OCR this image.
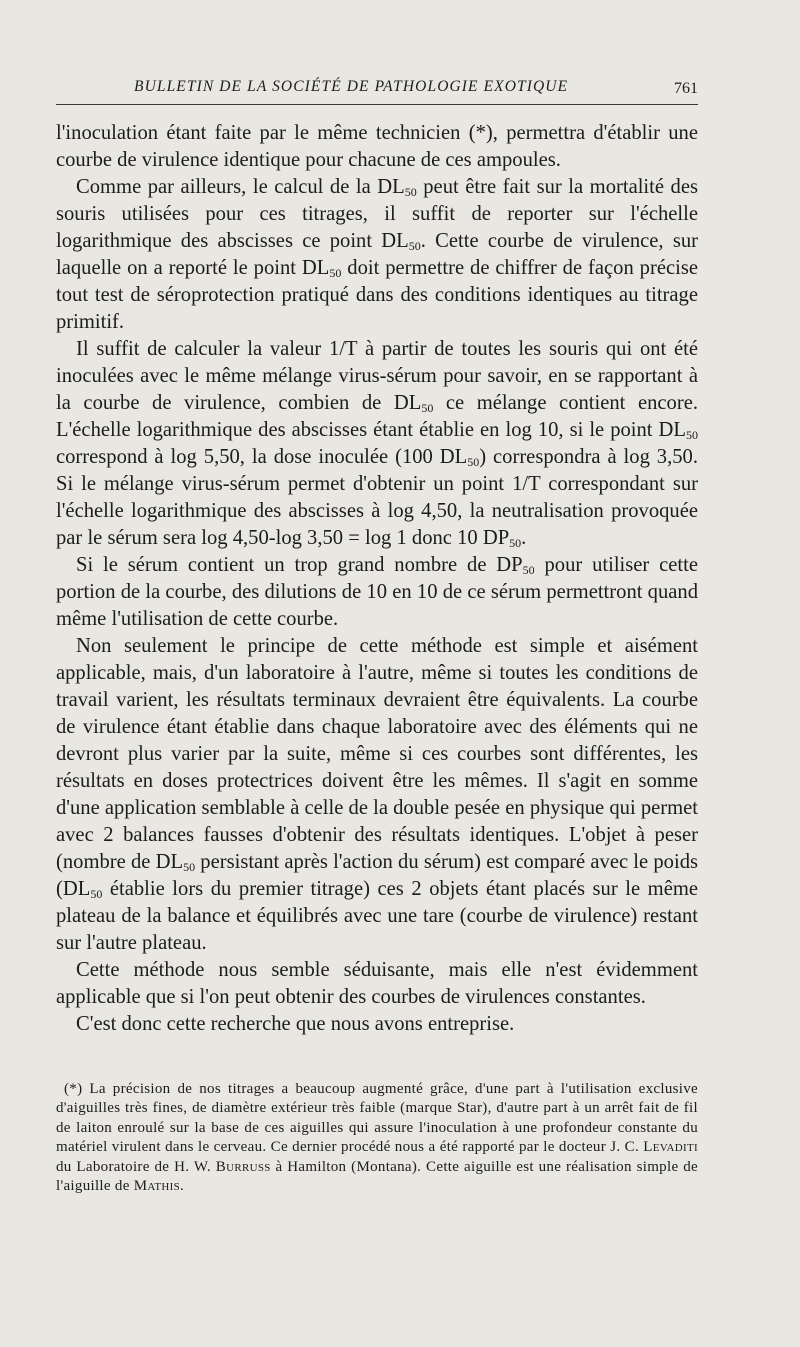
BULLETIN DE LA SOCIÉTÉ DE PATHOLOGIE EXOTIQUE	761

l'inoculation étant faite par le même technicien (*), permettra d'établir une courbe de virulence identique pour chacune de ces ampoules.

Comme par ailleurs, le calcul de la $DL_{50}$ peut être fait sur la mortalité des souris utilisées pour ces titrages, il suffit de reporter sur l'échelle logarithmique des abscisses ce point $DL_{50}$. Cette courbe de virulence, sur laquelle on a reporté le point $DL_{50}$ doit permettre de chiffrer de façon précise tout test de séroprotection pratiqué dans des conditions identiques au titrage primitif.

Il suffit de calculer la valeur 1/T à partir de toutes les souris qui ont été inoculées avec le même mélange virus-sérum pour savoir, en se rapportant à la courbe de virulence, combien de $DL_{50}$ ce mélange contient encore. L'échelle logarithmique des abscisses étant établie en log 10, si le point $DL_{50}$ correspond à log 5,50, la dose inoculée (100 $DL_{50}$) correspondra à log 3,50. Si le mélange virus-sérum permet d'obtenir un point 1/T correspondant sur l'échelle logarithmique des abscisses à log 4,50, la neutralisation provoquée par le sérum sera log 4,50-log 3,50 = log 1 donc 10 $DP_{50}$.

Si le sérum contient un trop grand nombre de $DP_{50}$ pour utiliser cette portion de la courbe, des dilutions de 10 en 10 de ce sérum permettront quand même l'utilisation de cette courbe.

Non seulement le principe de cette méthode est simple et aisément applicable, mais, d'un laboratoire à l'autre, même si toutes les conditions de travail varient, les résultats terminaux devraient être équivalents. La courbe de virulence étant établie dans chaque laboratoire avec des éléments qui ne devront plus varier par la suite, même si ces courbes sont différentes, les résultats en doses protectrices doivent être les mêmes. Il s'agit en somme d'une application semblable à celle de la double pesée en physique qui permet avec 2 balances fausses d'obtenir des résultats identiques. L'objet à peser (nombre de $DL_{50}$ persistant après l'action du sérum) est comparé avec le poids ($DL_{50}$ établie lors du premier titrage) ces 2 objets étant placés sur le même plateau de la balance et équilibrés avec une tare (courbe de virulence) restant sur l'autre plateau.

Cette méthode nous semble séduisante, mais elle n'est évidemment applicable que si l'on peut obtenir des courbes de virulences constantes.

C'est donc cette recherche que nous avons entreprise.

(*) La précision de nos titrages a beaucoup augmenté grâce, d'une part à l'utilisation exclusive d'aiguilles très fines, de diamètre extérieur très faible (marque Star), d'autre part à un arrêt fait de fil de laiton enroulé sur la base de ces aiguilles qui assure l'inoculation à une profondeur constante du matériel virulent dans le cerveau. Ce dernier procédé nous a été rapporté par le docteur J. C. Levaditi du Laboratoire de H. W. Burruss à Hamilton (Montana). Cette aiguille est une réalisation simple de l'aiguille de Mathis.
